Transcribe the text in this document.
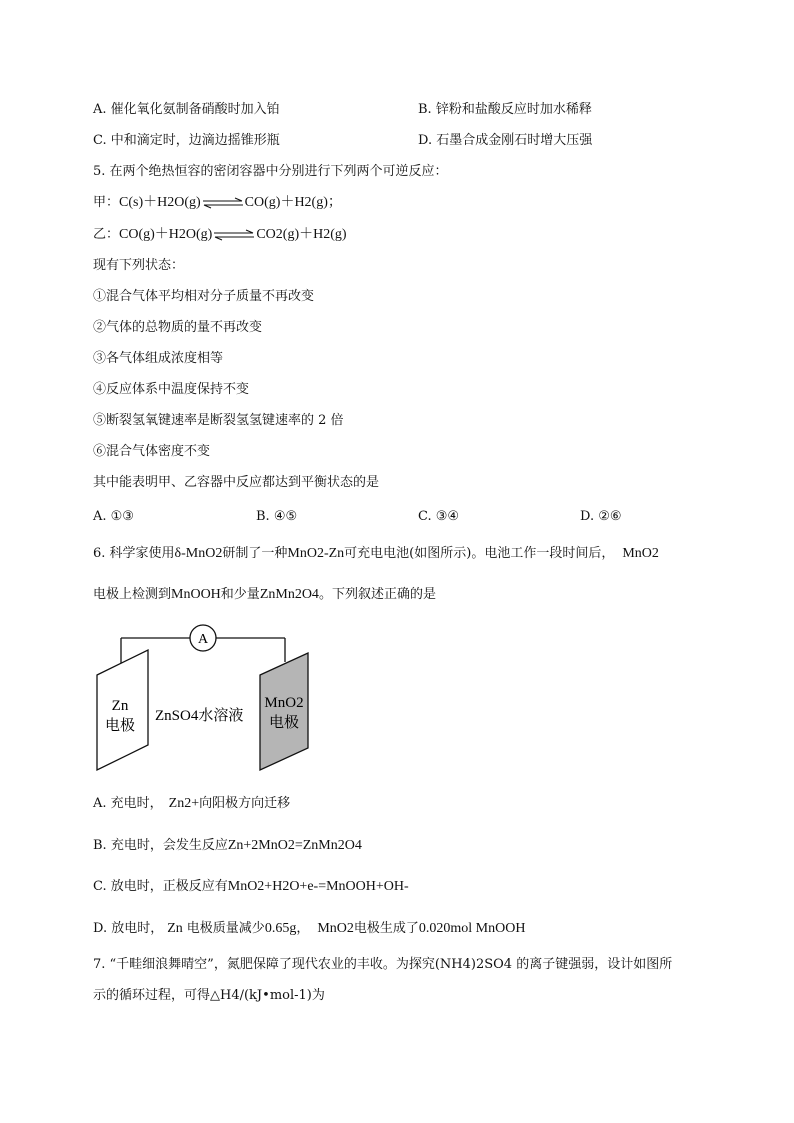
A. 催化氧化氨制备硝酸时加入铂	B. 锌粉和盐酸反应时加水稀释
C. 中和滴定时，边滴边摇锥形瓶	D. 石墨合成金刚石时增大压强
5. 在两个绝热恒容的密闭容器中分别进行下列两个可逆反应：
甲：C(s)＋H2O(g)⇌CO(g)＋H2(g)；
乙：CO(g)＋H2O(g)⇌CO2(g)＋H2(g)
现有下列状态：
①混合气体平均相对分子质量不再改变
②气体的总物质的量不再改变
③各气体组成浓度相等
④反应体系中温度保持不变
⑤断裂氢氧键速率是断裂氢氢键速率的 2 倍
⑥混合气体密度不变
其中能表明甲、乙容器中反应都达到平衡状态的是
A. ①③	B. ④⑤	C. ③④	D. ②⑥
6. 科学家使用δ-MnO2研制了一种MnO2-Zn可充电电池(如图所示)。电池工作一段时间后， MnO2
电极上检测到MnOOH和少量ZnMn2O4。下列叙述正确的是
A
Zn
电极
ZnSO4水溶液
MnO2
电极
A. 充电时， Zn2+向阳极方向迁移
B. 充电时，会发生反应Zn+2MnO2=ZnMn2O4
C. 放电时，正极反应有MnO2+H2O+e-=MnOOH+OH-
D. 放电时， Zn 电极质量减少0.65g， MnO2电极生成了0.020mol MnOOH
7. “千畦细浪舞晴空”，氮肥保障了现代农业的丰收。为探究(NH4)2SO4 的离子键强弱，设计如图所
示的循环过程，可得△H4/(kJ•mol-1)为
